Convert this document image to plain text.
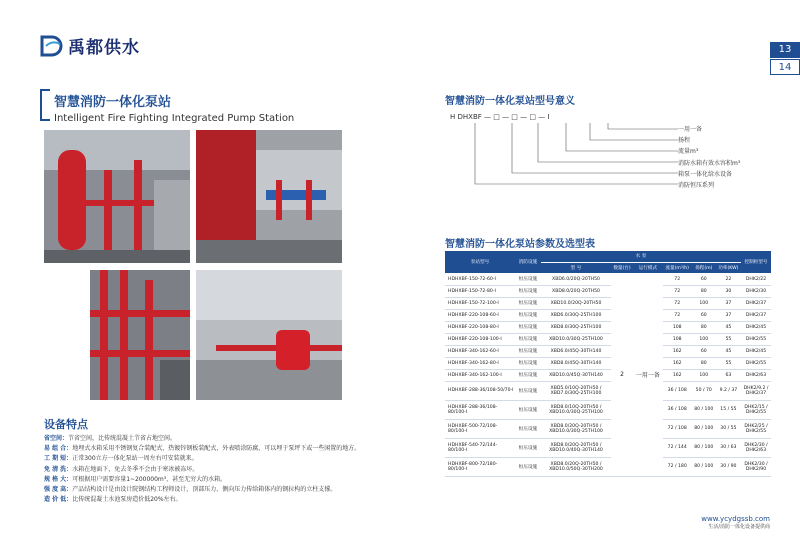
禹都供水	13
14
智慧消防一体化泵站
Intelligent Fire Fighting Integrated Pump Station
设备特点
省空间：节省空间，比传统混凝土节省占地空间。
易 组 合：地埋式水箱采用不锈钢复合装配式，热镀锌钢板装配式，外表喷涂防腐，可以埋于泵坪下或一些闲置的地方。
工 期 短：正常300立方一体化泵站一周左右可安装就来。
免 清 洗：水箱在地面下，免去冬季不会由于寒冰被冻坏。
规 格 大：可根据用户需要容量1~200000m³，甚至无穷大的水箱。
强 度 高：产品结构设计是由设计院钢结构工程师设计，顶部压力、侧向压力传给箱体内的钢拉构的立柱支撑。
造 价 低：比传统混凝土水池泵房造价低20%左右。
智慧消防一体化泵站型号意义
H DHXBF — □ — □ — □ — Ⅰ
一用一备
扬程
流量m³
消防水箱有效水容积m³
箱泵一体化给水设备
消防恒压系列
智慧消防一体化泵站参数及选型表
泵站型号	消防设施	水 泵						控制柜型号
		型 号	数量(台)	运行模式	流量(m³/h)	扬程(m)	功率(KW)	
HDHXBF-150-72-60-Ⅰ	恒压设施	XBD6.0/20Q-20TH50	2	一用一备	72	60	22	DHK2/22
HDHXBF-150-72-80-Ⅰ	恒压设施	XBD8.0/20Q-20TH50			72	80	30	DHK2/30
HDHXBF-150-72-100-Ⅰ	恒压设施	XBD10.0/20Q-20TH50			72	100	37	DHK2/37
HDHXBF-220-108-60-Ⅰ	恒压设施	XBD6.0/30Q-25TH100			72	60	37	DHK2/37
HDHXBF-220-108-80-Ⅰ	恒压设施	XBD8.0/30Q-25TH100			108	80	45	DHK2/45
HDHXBF-220-108-100-Ⅰ	恒压设施	XBD10.0/30Q-25TH100			108	100	55	DHK2/55
HDHXBF-340-162-60-Ⅰ	恒压设施	XBD6.0/45Q-30TH140			162	60	45	DHK2/45
HDHXBF-340-162-80-Ⅰ	恒压设施	XBD8.0/45Q-30TH140			162	80	55	DHK2/55
HDHXBF-340-162-100-Ⅰ	恒压设施	XBD10.0/45Q-30TH140			162	100	63	DHK2/63
HDHXBF-288-36/108-50/70-Ⅰ	恒压设施	XBD5.0/10Q-20TH50 / XBD7.0/30Q-25TH100			36 / 108	50 / 70	9.2 / 37	DHK2/9.2 / DHK2/37
HDHXBF-288-36/108-80/100-Ⅰ	恒压设施	XBD8.0/10Q-20TH50 / XBD10.0/30Q-25TH100			36 / 108	80 / 100	15 / 55	DHK2/15 / DHK2/55
HDHXBF-500-72/108-80/100-Ⅰ	恒压设施	XBD8.0/20Q-20TH50 / XBD10.0/30Q-25TH100			72 / 108	80 / 100	30 / 55	DHK2/25 / DHK2/55
HDHXBF-540-72/144-80/100-Ⅰ	恒压设施	XBD8.0/20Q-20TH50 / XBD10.0/40Q-30TH140			72 / 144	80 / 100	30 / 63	DHK2/30 / DHK2/63
HDHXBF-800-72/180-80/100-Ⅰ	恒压设施	XBD8.0/20Q-20TH50 / XBD10.0/50Q-30TH200			72 / 180	80 / 100	30 / 90	DHK2/30 / DHK2/90
www.ycydgssb.com
生活/消防一体化设备提供商
